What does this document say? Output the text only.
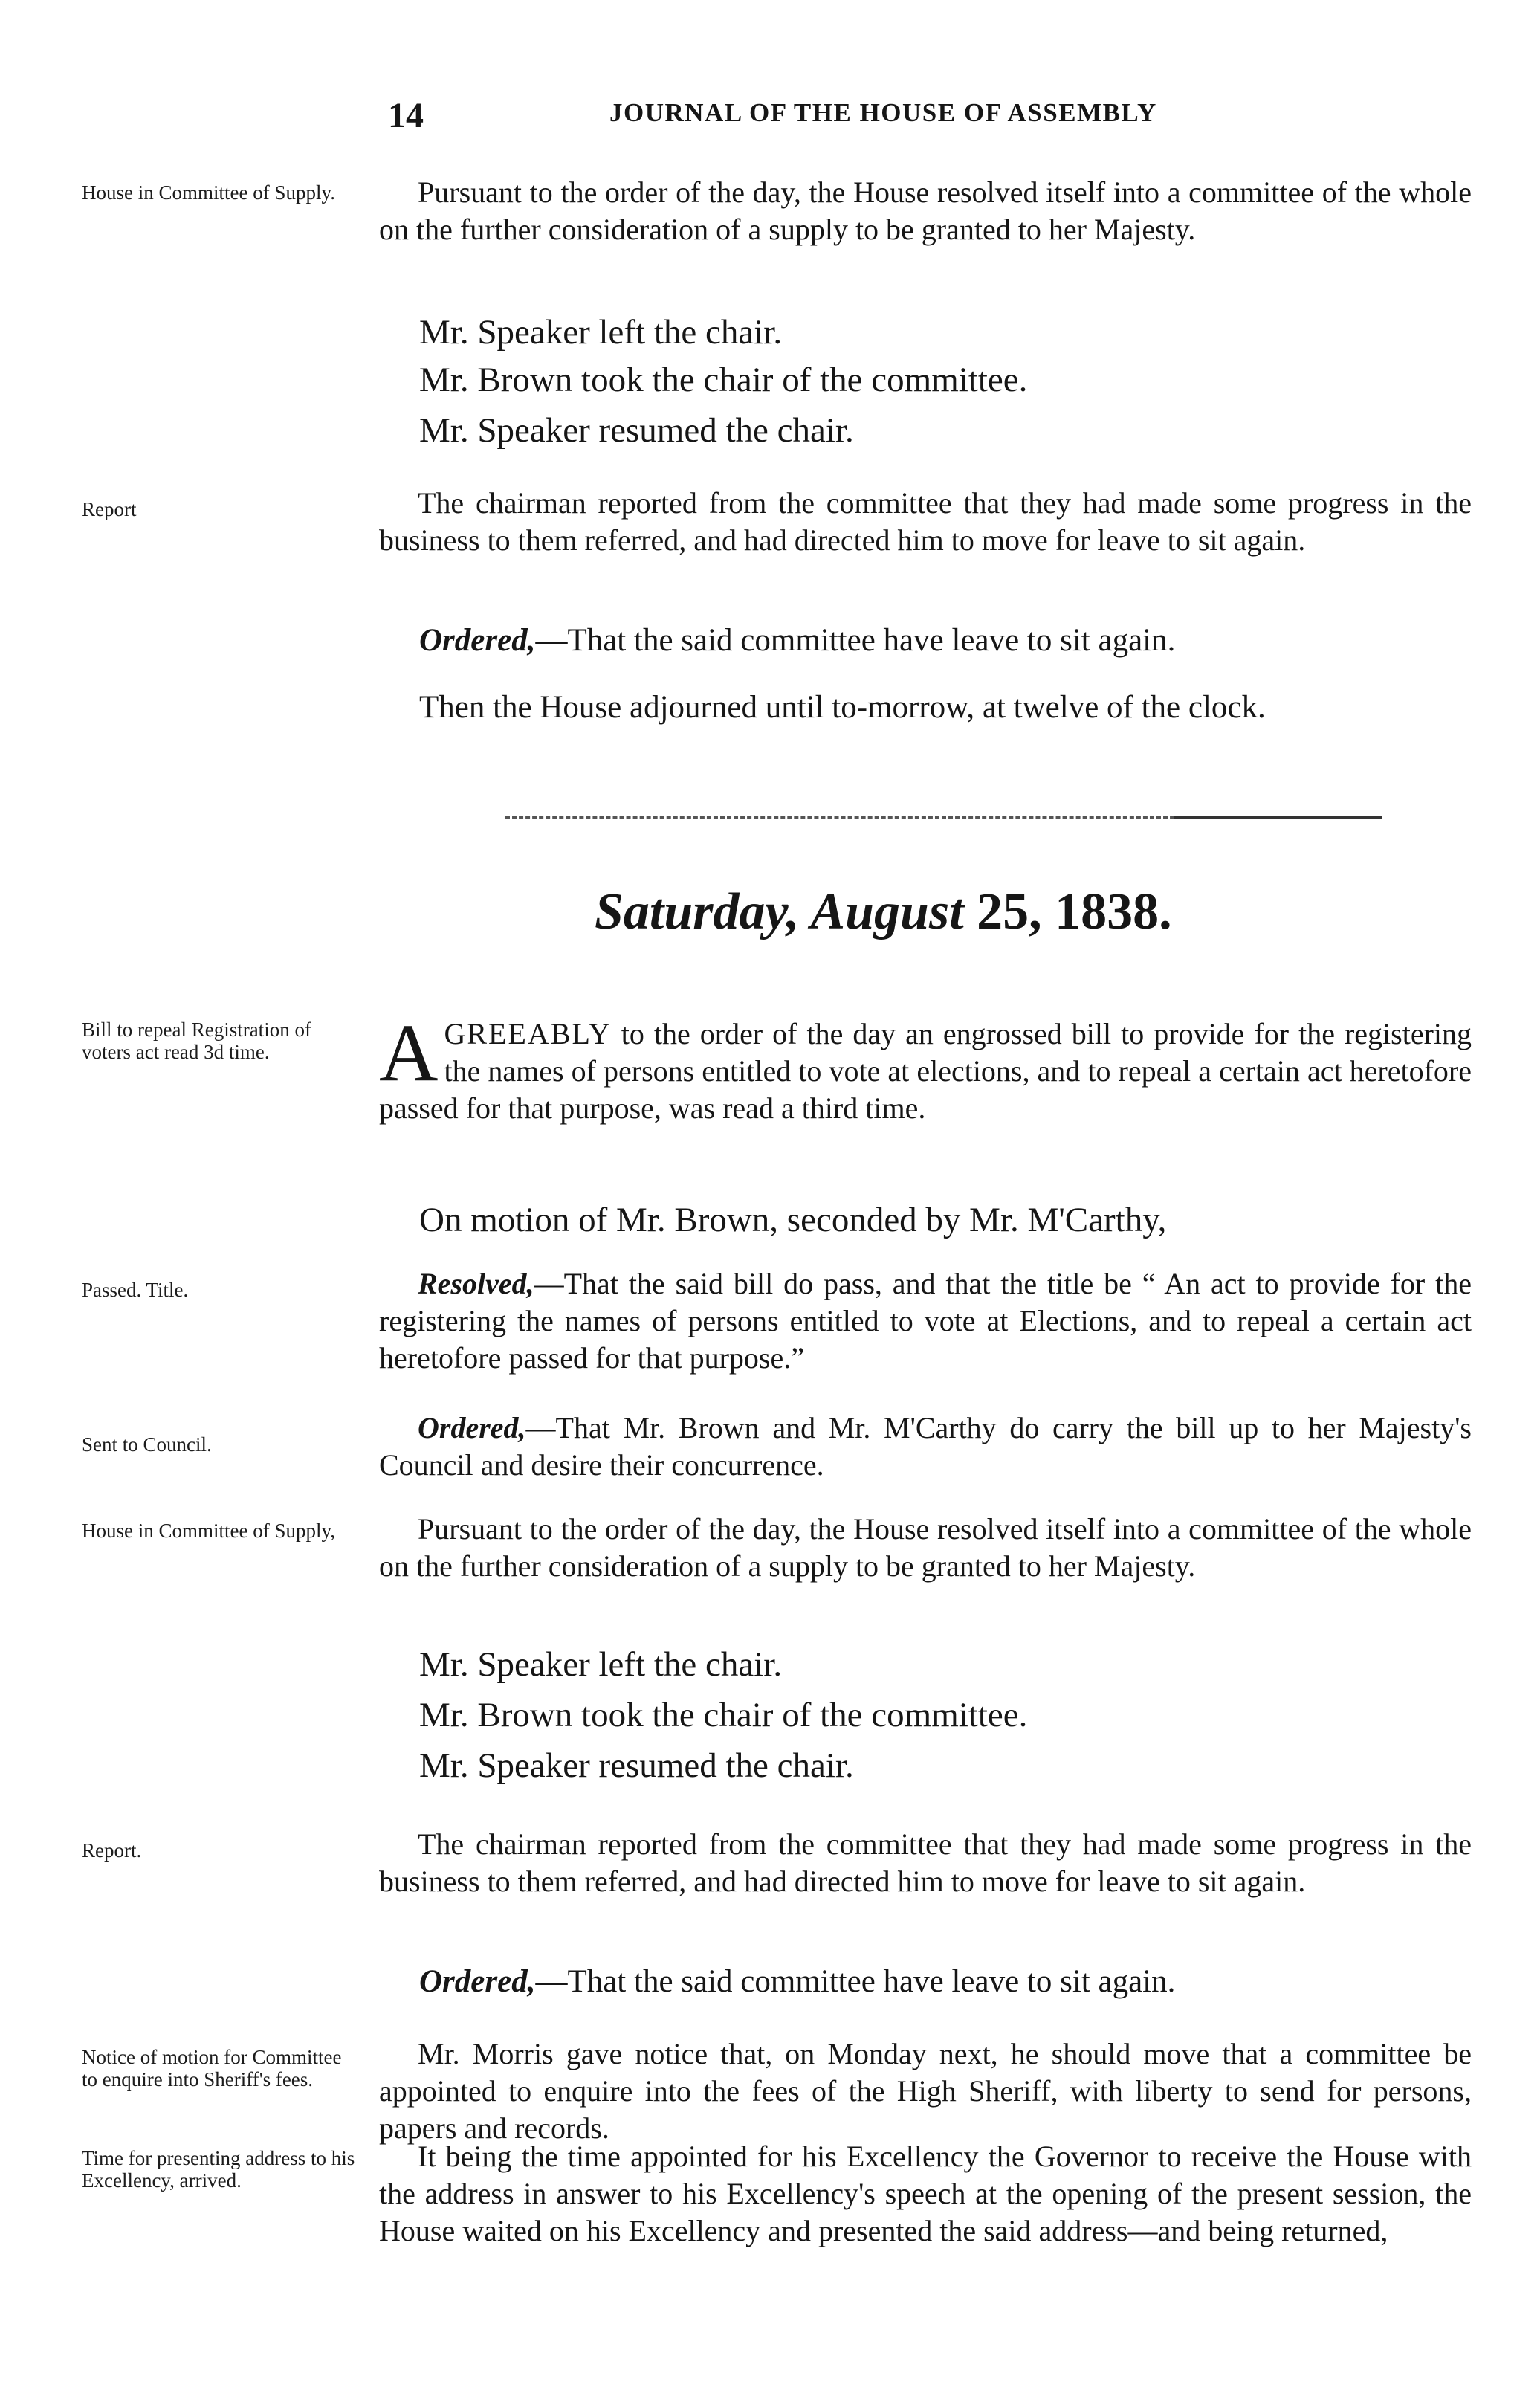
14	JOURNAL OF THE HOUSE OF ASSEMBLY
House in Committee of Supply.	Pursuant to the order of the day, the House resolved itself into a committee of the whole on the further consideration of a supply to be granted to her Majesty.
Mr. Speaker left the chair.
Mr. Brown took the chair of the committee.
Mr. Speaker resumed the chair.
Report	The chairman reported from the committee that they had made some progress in the business to them referred, and had directed him to move for leave to sit again.
Ordered,—That the said committee have leave to sit again.
Then the House adjourned until to-morrow, at twelve of the clock.
Saturday, August 25, 1838.
Bill to repeal Registration of voters act read 3d time.	AGREEABLY to the order of the day an engrossed bill to provide for the registering the names of persons entitled to vote at elections, and to repeal a certain act heretofore passed for that purpose, was read a third time.
On motion of Mr. Brown, seconded by Mr. M'Carthy,
Passed. Title.	Resolved,—That the said bill do pass, and that the title be “ An act to provide for the registering the names of persons entitled to vote at Elections, and to repeal a certain act heretofore passed for that purpose.”
Sent to Council.	Ordered,—That Mr. Brown and Mr. M'Carthy do carry the bill up to her Majesty's Council and desire their concurrence.
House in Committee of Supply,	Pursuant to the order of the day, the House resolved itself into a committee of the whole on the further consideration of a supply to be granted to her Majesty.
Mr. Speaker left the chair.
Mr. Brown took the chair of the committee.
Mr. Speaker resumed the chair.
Report.	The chairman reported from the committee that they had made some progress in the business to them referred, and had directed him to move for leave to sit again.
Ordered,—That the said committee have leave to sit again.
Notice of motion for Committee to enquire into Sheriff's fees.
Mr. Morris gave notice that, on Monday next, he should move that a committee be appointed to enquire into the fees of the High Sheriff, with liberty to send for persons, papers and records.
Time for presenting address to his Excellency, arrived.
It being the time appointed for his Excellency the Governor to receive the House with the address in answer to his Excellency's speech at the opening of the present session, the House waited on his Excellency and presented the said address—and being returned,
